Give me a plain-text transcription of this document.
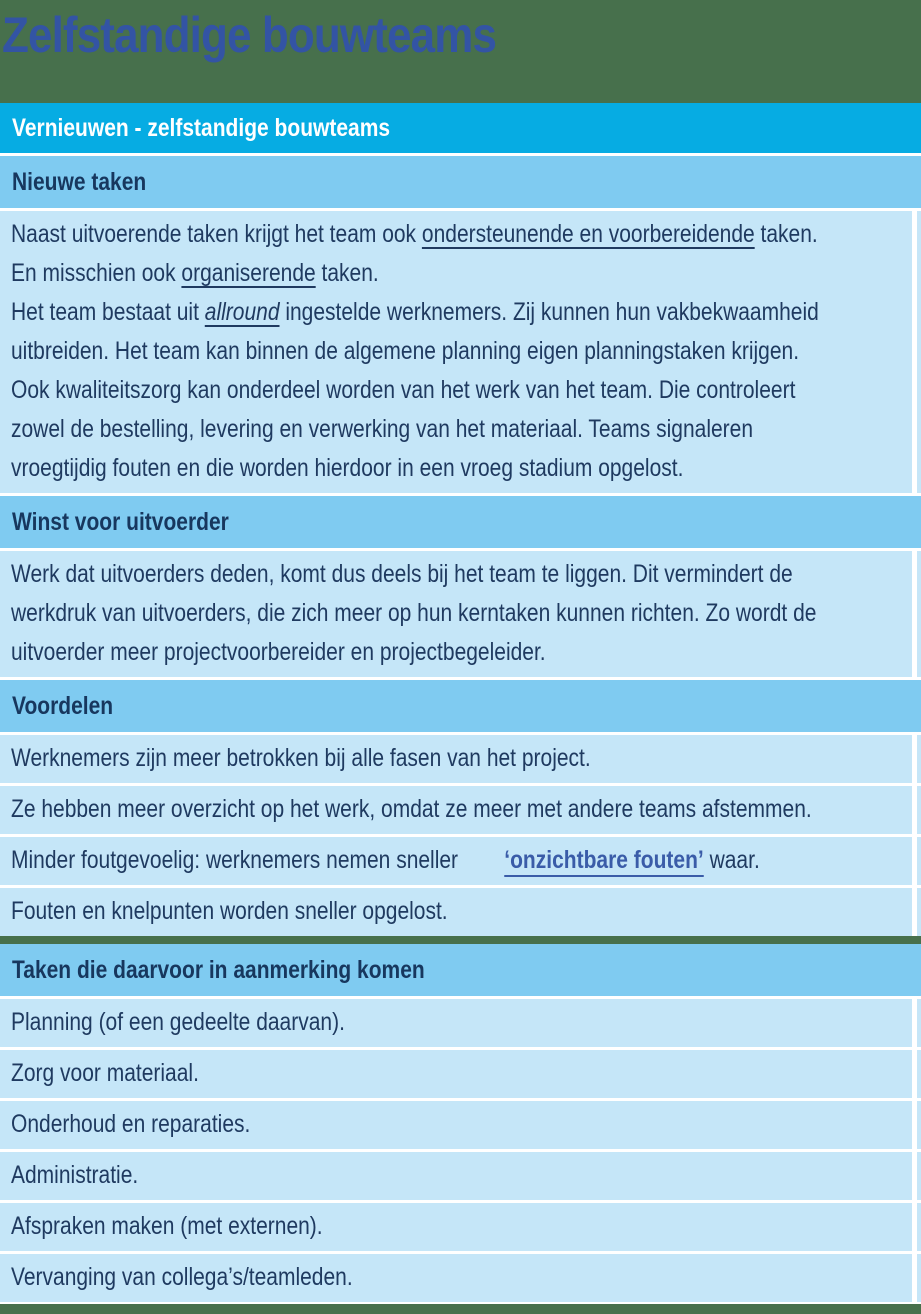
Zelfstandige bouwteams
Vernieuwen - zelfstandige bouwteams
Nieuwe taken
Naast uitvoerende taken krijgt het team ook ondersteunende en voorbereidende taken.
En misschien ook organiserende taken.
Het team bestaat uit allround ingestelde werknemers. Zij kunnen hun vakbekwaamheid
uitbreiden. Het team kan binnen de algemene planning eigen planningstaken krijgen.
Ook kwaliteitszorg kan onderdeel worden van het werk van het team. Die controleert
zowel de bestelling, levering en verwerking van het materiaal. Teams signaleren
vroegtijdig fouten en die worden hierdoor in een vroeg stadium opgelost.
Winst voor uitvoerder
Werk dat uitvoerders deden, komt dus deels bij het team te liggen. Dit vermindert de
werkdruk van uitvoerders, die zich meer op hun kerntaken kunnen richten. Zo wordt de
uitvoerder meer projectvoorbereider en projectbegeleider.
Voordelen
Werknemers zijn meer betrokken bij alle fasen van het project.
Ze hebben meer overzicht op het werk, omdat ze meer met andere teams afstemmen.
Minder foutgevoelig: werknemers nemen sneller ‘onzichtbare fouten’ waar.
Fouten en knelpunten worden sneller opgelost.
Taken die daarvoor in aanmerking komen
Planning (of een gedeelte daarvan).
Zorg voor materiaal.
Onderhoud en reparaties.
Administratie.
Afspraken maken (met externen).
Vervanging van collega’s/teamleden.
